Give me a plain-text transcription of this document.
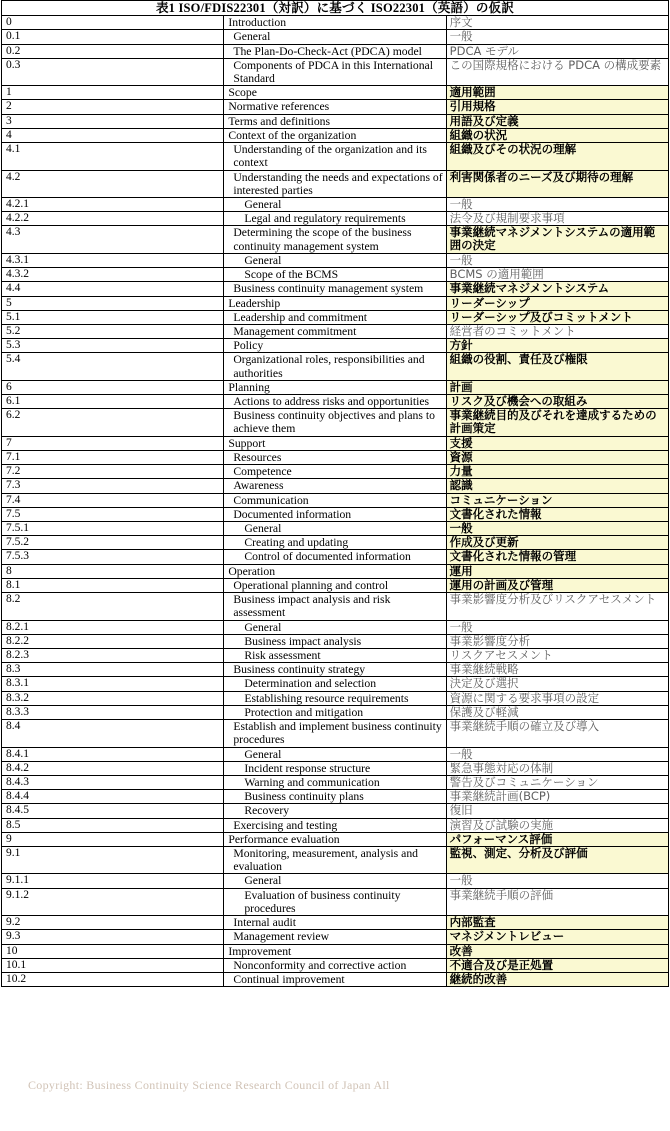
表1 ISO/FDIS22301（対訳）に基づく ISO22301（英語）の仮訳		
0	Introduction	序文
0.1	General	一般
0.2	The Plan-Do-Check-Act (PDCA) model	PDCA モデル
0.3	Components of PDCA in this International Standard	この国際規格における PDCA の構成要素
1	Scope	適用範囲
2	Normative references	引用規格
3	Terms and definitions	用語及び定義
4	Context of the organization	組織の状況
4.1	Understanding of the organization and its context	組織及びその状況の理解
4.2	Understanding the needs and expectations of interested parties	利害関係者のニーズ及び期待の理解
4.2.1	General	一般
4.2.2	Legal and regulatory requirements	法令及び規制要求事項
4.3	Determining the scope of the business continuity management system	事業継続マネジメントシステムの適用範囲の決定
4.3.1	General	一般
4.3.2	Scope of the BCMS	BCMS の適用範囲
4.4	Business continuity management system	事業継続マネジメントシステム
5	Leadership	リーダーシップ
5.1	Leadership and commitment	リーダーシップ及びコミットメント
5.2	Management commitment	経営者のコミットメント
5.3	Policy	方針
5.4	Organizational roles, responsibilities and authorities	組織の役割、責任及び権限
6	Planning	計画
6.1	Actions to address risks and opportunities	リスク及び機会への取組み
6.2	Business continuity objectives and plans to achieve them	事業継続目的及びそれを達成するための計画策定
7	Support	支援
7.1	Resources	資源
7.2	Competence	力量
7.3	Awareness	認識
7.4	Communication	コミュニケーション
7.5	Documented information	文書化された情報
7.5.1	General	一般
7.5.2	Creating and updating	作成及び更新
7.5.3	Control of documented information	文書化された情報の管理
8	Operation	運用
8.1	Operational planning and control	運用の計画及び管理
8.2	Business impact analysis and risk assessment	事業影響度分析及びリスクアセスメント
8.2.1	General	一般
8.2.2	Business impact analysis	事業影響度分析
8.2.3	Risk assessment	リスクアセスメント
8.3	Business continuity strategy	事業継続戦略
8.3.1	Determination and selection	決定及び選択
8.3.2	Establishing resource requirements	資源に関する要求事項の設定
8.3.3	Protection and mitigation	保護及び軽減
8.4	Establish and implement business continuity procedures	事業継続手順の確立及び導入
8.4.1	General	一般
8.4.2	Incident response structure	緊急事態対応の体制
8.4.3	Warning and communication	警告及びコミュニケーション
8.4.4	Business continuity plans	事業継続計画(BCP)
8.4.5	Recovery	復旧
8.5	Exercising and testing	演習及び試験の実施
9	Performance evaluation	パフォーマンス評価
9.1	Monitoring, measurement, analysis and evaluation	監視、測定、分析及び評価
9.1.1	General	一般
9.1.2	Evaluation of business continuity procedures	事業継続手順の評価
9.2	Internal audit	内部監査
9.3	Management review	マネジメントレビュー
10	Improvement	改善
10.1	Nonconformity and corrective action	不適合及び是正処置
10.2	Continual improvement	継続的改善
Copyright: Business Continuity Science Research Council of Japan All
